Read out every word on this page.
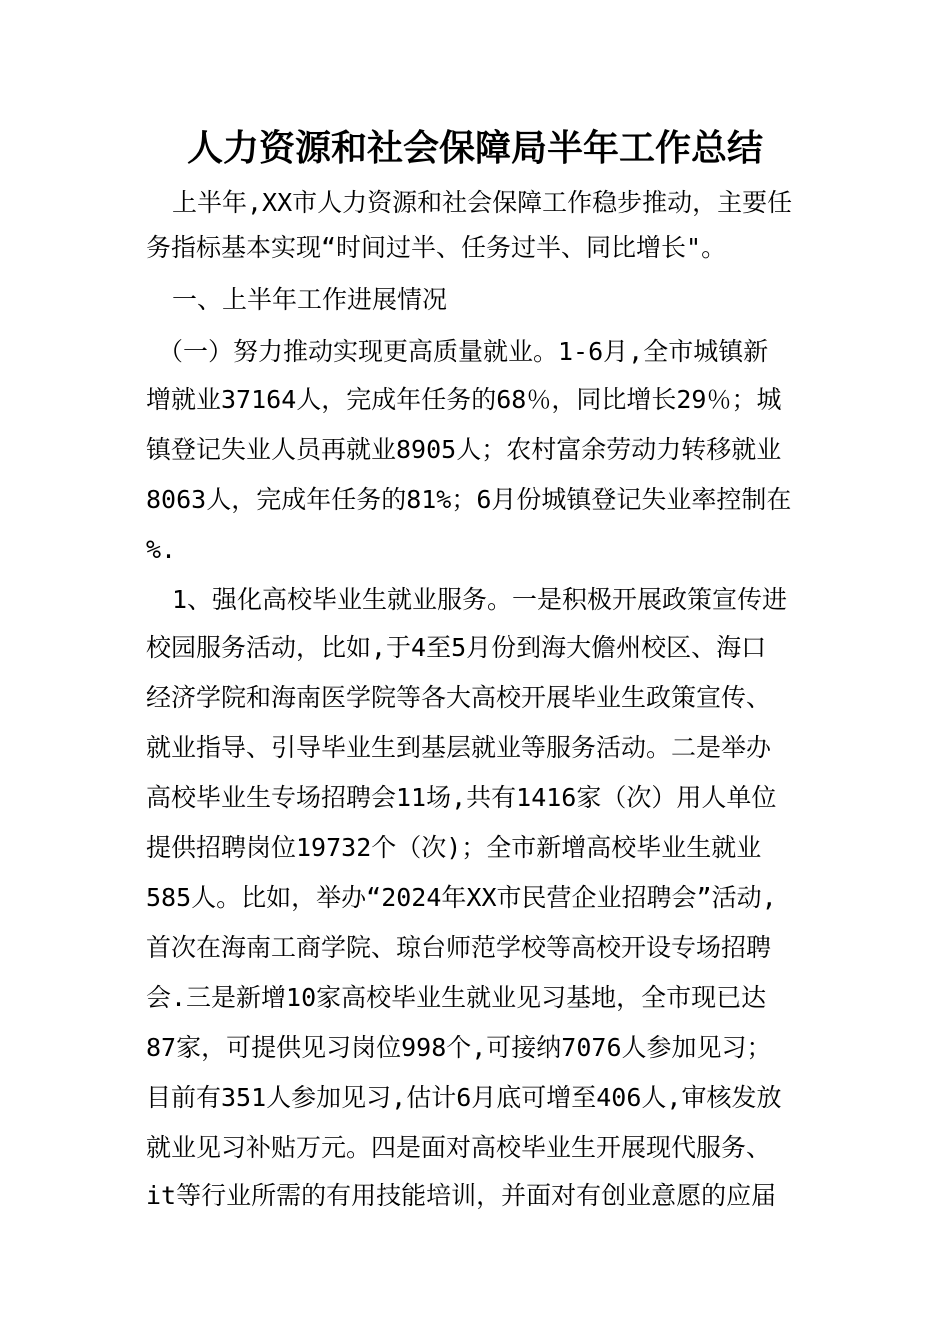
人力资源和社会保障局半年工作总结

上半年,XX市人力资源和社会保障工作稳步推动，主要任

务指标基本实现“时间过半、任务过半、同比增长"。

一、上半年工作进展情况

（一）努力推动实现更高质量就业。1-6月,全市城镇新

增就业37164人，完成年任务的68％，同比增长29％；城

镇登记失业人员再就业8905人；农村富余劳动力转移就业

8063人，完成年任务的81%；6月份城镇登记失业率控制在

%.

1、强化高校毕业生就业服务。一是积极开展政策宣传进

校园服务活动，比如,于4至5月份到海大儋州校区、海口

经济学院和海南医学院等各大高校开展毕业生政策宣传、

就业指导、引导毕业生到基层就业等服务活动。二是举办

高校毕业生专场招聘会11场,共有1416家（次）用人单位

提供招聘岗位19732个（次)；全市新增高校毕业生就业

585人。比如，举办“2024年XX市民营企业招聘会”活动,

首次在海南工商学院、琼台师范学校等高校开设专场招聘

会.三是新增10家高校毕业生就业见习基地，全市现已达

87家，可提供见习岗位998个,可接纳7076人参加见习；

目前有351人参加见习,估计6月底可增至406人,审核发放

就业见习补贴万元。四是面对高校毕业生开展现代服务、

it等行业所需的有用技能培训，并面对有创业意愿的应届
